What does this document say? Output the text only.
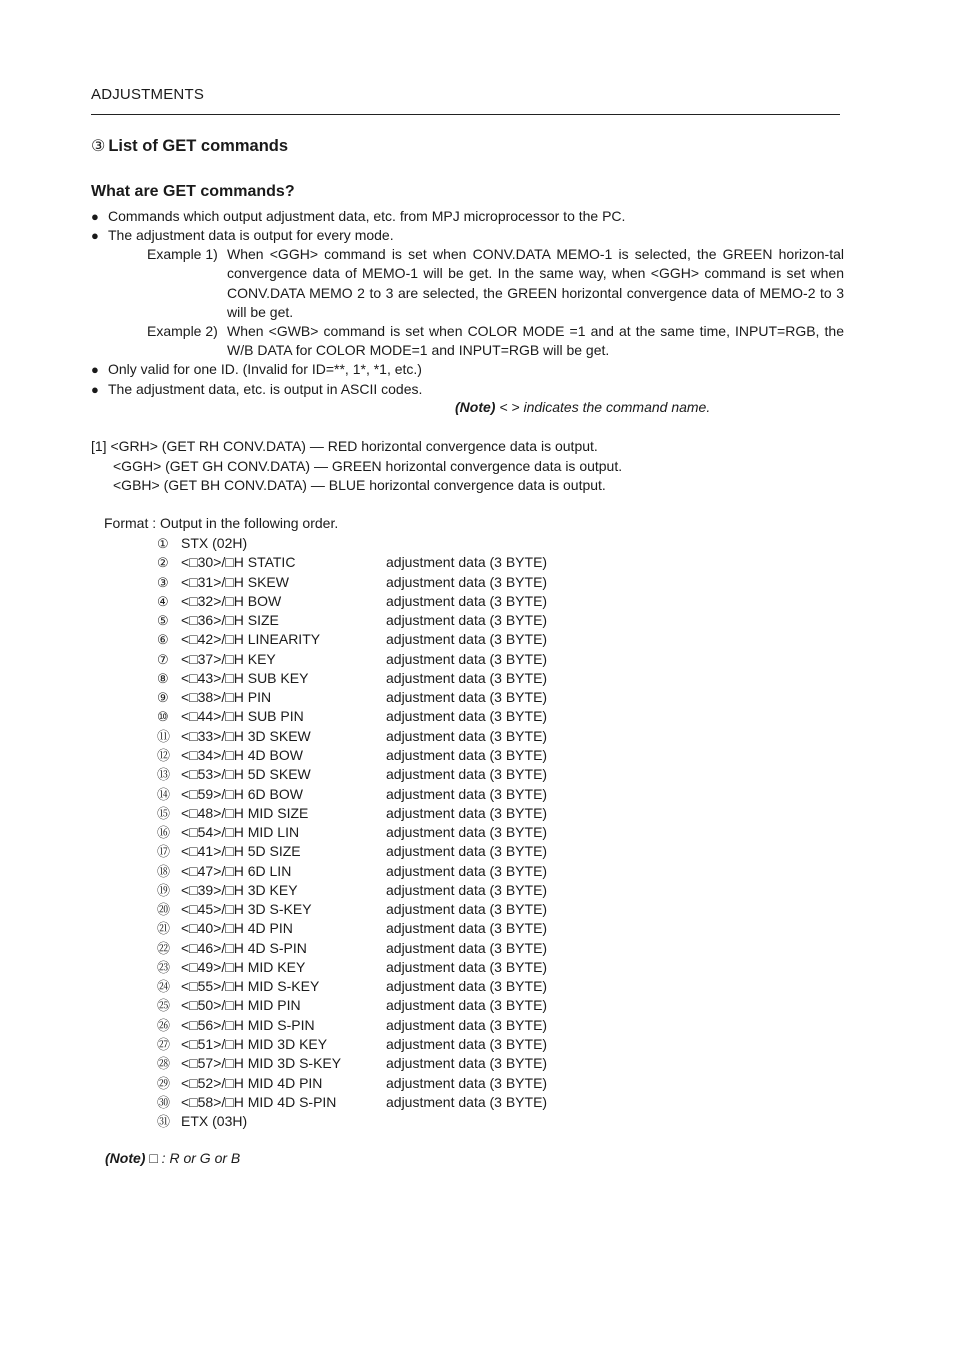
ADJUSTMENTS
③ List of GET commands
What are GET commands?
● Commands which output adjustment data, etc. from MPJ microprocessor to the PC.
● The adjustment data is output for every mode.
Example 1) When <GGH> command is set when CONV.DATA MEMO-1 is selected, the GREEN horizon-tal convergence data of MEMO-1 will be get. In the same way, when <GGH> command is set when CONV.DATA MEMO 2 to 3 are selected, the GREEN horizontal convergence data of MEMO-2 to 3 will be get.
Example 2) When <GWB> command is set when COLOR MODE =1 and at the same time, INPUT=RGB, the W/B DATA for COLOR MODE=1 and INPUT=RGB will be get.
● Only valid for one ID. (Invalid for ID=**, 1*, *1, etc.)
● The adjustment data, etc. is output in ASCII codes.
(Note) < > indicates the command name.
[1] <GRH> (GET RH CONV.DATA) — RED horizontal convergence data is output.
<GGH> (GET GH CONV.DATA) — GREEN horizontal convergence data is output.
<GBH> (GET BH CONV.DATA) — BLUE horizontal convergence data is output.
Format : Output in the following order.
① STX (02H)
② <□30>/□H STATIC	adjustment data (3 BYTE)
③ <□31>/□H SKEW	adjustment data (3 BYTE)
④ <□32>/□H BOW	adjustment data (3 BYTE)
⑤ <□36>/□H SIZE	adjustment data (3 BYTE)
⑥ <□42>/□H LINEARITY	adjustment data (3 BYTE)
⑦ <□37>/□H KEY	adjustment data (3 BYTE)
⑧ <□43>/□H SUB KEY	adjustment data (3 BYTE)
⑨ <□38>/□H PIN	adjustment data (3 BYTE)
⑩ <□44>/□H SUB PIN	adjustment data (3 BYTE)
⑪ <□33>/□H 3D SKEW	adjustment data (3 BYTE)
⑫ <□34>/□H 4D BOW	adjustment data (3 BYTE)
⑬ <□53>/□H 5D SKEW	adjustment data (3 BYTE)
⑭ <□59>/□H 6D BOW	adjustment data (3 BYTE)
⑮ <□48>/□H MID SIZE	adjustment data (3 BYTE)
⑯ <□54>/□H MID LIN	adjustment data (3 BYTE)
⑰ <□41>/□H 5D SIZE	adjustment data (3 BYTE)
⑱ <□47>/□H 6D LIN	adjustment data (3 BYTE)
⑲ <□39>/□H 3D KEY	adjustment data (3 BYTE)
⑳ <□45>/□H 3D S-KEY	adjustment data (3 BYTE)
㉑ <□40>/□H 4D PIN	adjustment data (3 BYTE)
㉒ <□46>/□H 4D S-PIN	adjustment data (3 BYTE)
㉓ <□49>/□H MID KEY	adjustment data (3 BYTE)
㉔ <□55>/□H MID S-KEY	adjustment data (3 BYTE)
㉕ <□50>/□H MID PIN	adjustment data (3 BYTE)
㉖ <□56>/□H MID S-PIN	adjustment data (3 BYTE)
㉗ <□51>/□H MID 3D KEY	adjustment data (3 BYTE)
㉘ <□57>/□H MID 3D S-KEY	adjustment data (3 BYTE)
㉙ <□52>/□H MID 4D PIN	adjustment data (3 BYTE)
㉚ <□58>/□H MID 4D S-PIN	adjustment data (3 BYTE)
㉛ ETX (03H)
(Note) □ : R or G or B
